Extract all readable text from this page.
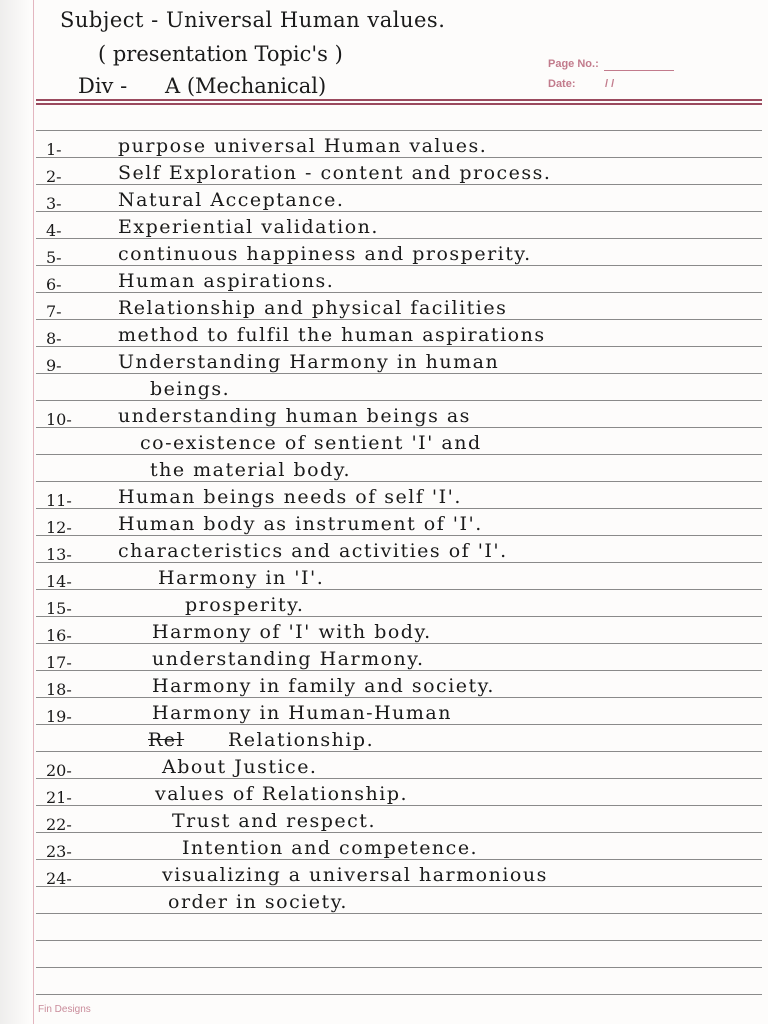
Subject - Universal Human values.
( presentation Topic's )
Div - A (Mechanical)
Page No.:
Date:	/ /
1-	purpose universal Human values.
2-	Self Exploration - content and process.
3-	Natural Acceptance.
4-	Experiential validation.
5-	continuous happiness and prosperity.
6-	Human aspirations.
7-	Relationship and physical facilities
8-	method to fulfil the human aspirations
9-	Understanding Harmony in human
beings.
10- understanding human beings as
co-existence of sentient 'I' and
the material body.
11- Human beings needs of self 'I'.
12- Human body as instrument of 'I'.
13- characteristics and activities of 'I'.
14-	Harmony in 'I'.
15-	prosperity.
16-	Harmony of 'I' with body.
17-	understanding Harmony.
18-	Harmony in family and society.
19-	Harmony in Human-Human
Rel Relationship.
20-	About Justice.
21-	values of Relationship.
22-	Trust and respect.
23-	Intention and competence.
24-	visualizing a universal harmonious
order in society.
Fin Designs
